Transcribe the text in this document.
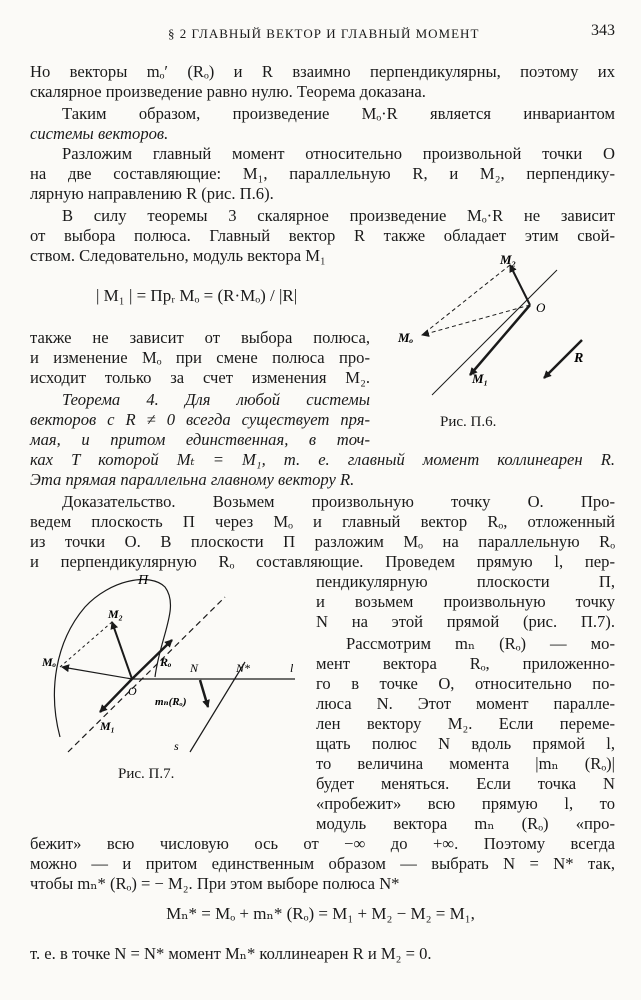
§ 2 ГЛАВНЫЙ ВЕКТОР И ГЛАВНЫЙ МОМЕНТ	343
Но векторы mₒ′ (Rₒ) и R взаимно перпендикулярны, поэтому их
скалярное произведение равно нулю. Теорема доказана.
Таким образом, произведение Mₒ·R является инвариантом
системы векторов.
Разложим главный момент относительно произвольной точки O
на две составляющие: M₁, параллельную R, и M₂, перпендику-
лярную направлению R (рис. П.6).
В силу теоремы 3 скалярное произведение Mₒ·R не зависит
от выбора полюса. Главный вектор R также обладает этим свой-
ством. Следовательно, модуль вектора M₁
| M₁ | = Прᵣ Mₒ = (R·Mₒ) / |R|
также не зависит от выбора полюса,
и изменение Mₒ при смене полюса про-
исходит только за счет изменения M₂.
Теорема 4. Для любой системы
векторов с R ≠ 0 всегда существует пря-
мая, и притом единственная, в точ-
ках T которой Mₜ = M₁, т. е. главный момент коллинеарен R.
Эта прямая параллельна главному вектору R.
Доказательство. Возьмем произвольную точку O. Про-
ведем плоскость П через Mₒ и главный вектор Rₒ, отложенный
из точки O. В плоскости П разложим Mₒ на параллельную Rₒ
и перпендикулярную Rₒ составляющие. Проведем прямую l, пер-
пендикулярную плоскости П,
и возьмем произвольную точку
N на этой прямой (рис. П.7).
Рассмотрим mₙ (Rₒ) — мо-
мент вектора Rₒ, приложенно-
го в точке O, относительно по-
люса N. Этот момент паралле-
лен вектору M₂. Если переме-
щать полюс N вдоль прямой l,
то величина момента |mₙ (Rₒ)|
будет меняться. Если точка N
«пробежит» всю прямую l, то
модуль вектора mₙ (Rₒ) «про-
бежит» всю числовую ось от −∞ до +∞. Поэтому всегда
можно — и притом единственным образом — выбрать N = N* так,
чтобы mₙ* (Rₒ) = − M₂. При этом выборе полюса N*
Mₙ* = Mₒ + mₙ* (Rₒ) = M₁ + M₂ − M₂ = M₁,
т. е. в точке N = N* момент Mₙ* коллинеарен R и M₂ = 0.
M₂
O
Mₒ
M₁
R
Рис. П.6.
П
M₂
Mₒ	Rₒ N	N*	l
O
mₙ(Rₒ)
M₁
s
Рис. П.7.
